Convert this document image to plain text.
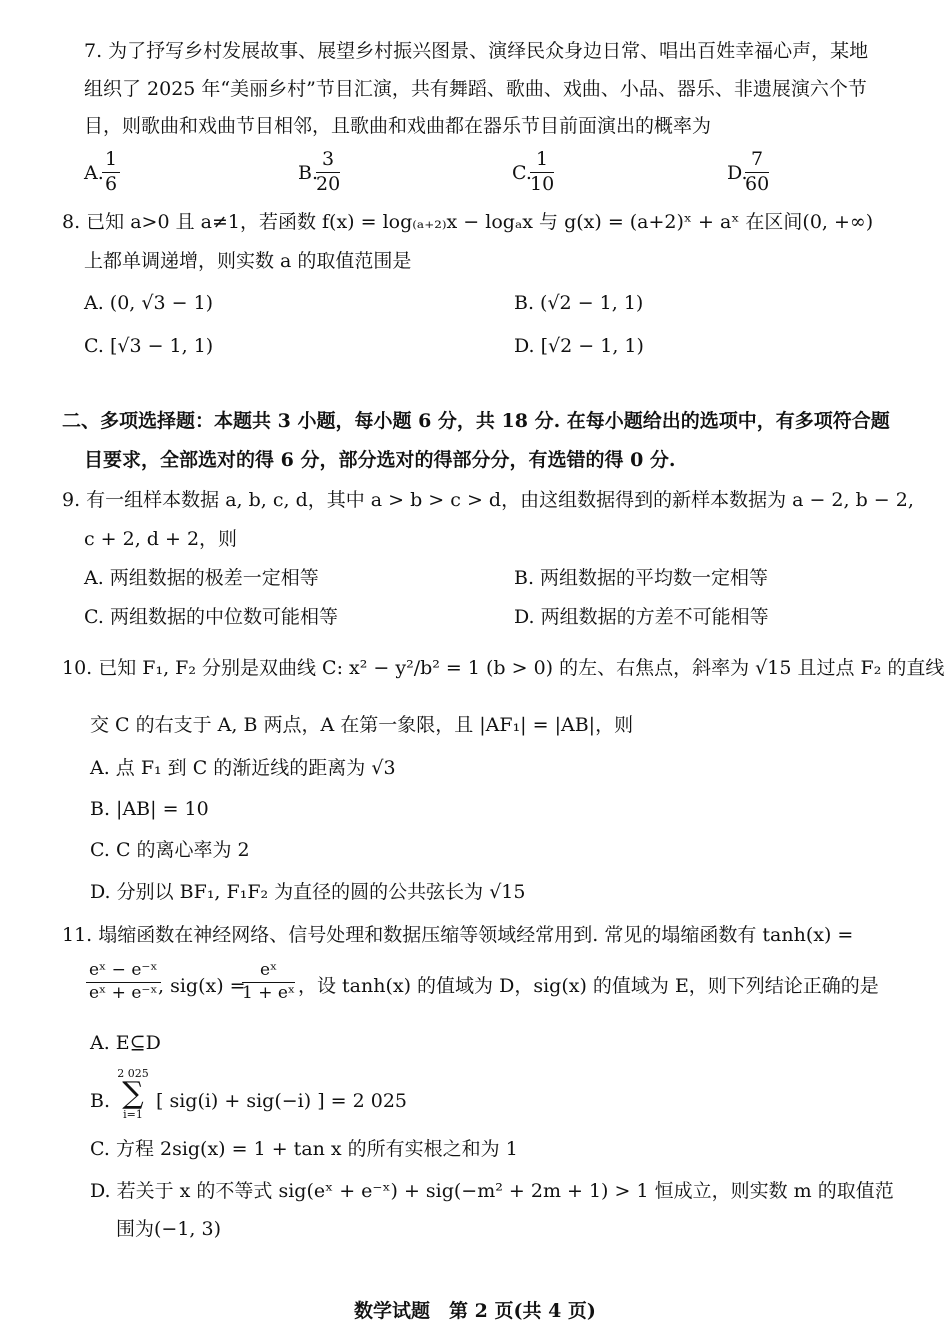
7. 为了抒写乡村发展故事、展望乡村振兴图景、演绎民众身边日常、唱出百姓幸福心声，某地
组织了 2025 年“美丽乡村”节目汇演，共有舞蹈、歌曲、戏曲、小品、器乐、非遗展演六个节
目，则歌曲和戏曲节目相邻，且歌曲和戏曲都在器乐节目前面演出的概率为
A.
$\frac{1}{6}$	B.
$\frac{3}{20}$	C.
$\frac{1}{10}$	D.
$\frac{7}{60}$
8. 已知 a>0 且 a≠1，若函数 f(x) = log₍ₐ₊₂₎x − logₐx 与 g(x) = (a+2)ˣ + aˣ 在区间(0, +∞)
上都单调递增，则实数 a 的取值范围是
A. (0, √3 − 1)	B. (√2 − 1, 1)
C. [√3 − 1, 1)	D. [√2 − 1, 1)
二、多项选择题：本题共 3 小题，每小题 6 分，共 18 分. 在每小题给出的选项中，有多项符合题
目要求，全部选对的得 6 分，部分选对的得部分分，有选错的得 0 分.
9. 有一组样本数据 a, b, c, d，其中 a > b > c > d，由这组数据得到的新样本数据为 a − 2, b − 2,
c + 2, d + 2，则
A. 两组数据的极差一定相等	B. 两组数据的平均数一定相等
C. 两组数据的中位数可能相等	D. 两组数据的方差不可能相等
10. 已知 F₁, F₂ 分别是双曲线 C: x² − y²/b² = 1 (b > 0) 的左、右焦点，斜率为 √15 且过点 F₂ 的直线
交 C 的右支于 A, B 两点，A 在第一象限，且 |AF₁| = |AB|，则
A. 点 F₁ 到 C 的渐近线的距离为 √3
B. |AB| = 10
C. C 的离心率为 2
D. 分别以 BF₁, F₁F₂ 为直径的圆的公共弦长为 √15
11. 塌缩函数在神经网络、信号处理和数据压缩等领域经常用到. 常见的塌缩函数有 tanh(x) =
$\frac{\text{eˣ − e⁻ˣ}}{\text{eˣ + e⁻ˣ}}$
, sig(x) =
$\frac{\text{eˣ}}{\text{1 + eˣ}}$ ，设 tanh(x) 的值域为 D，sig(x) 的值域为 E，则下列结论正确的是
A. E⊆D
B.
2 025
∑
i=1
[ sig(i) + sig(−i) ] = 2 025
C. 方程 2sig(x) = 1 + tan x 的所有实根之和为 1
D. 若关于 x 的不等式 sig(eˣ + e⁻ˣ) + sig(−m² + 2m + 1) > 1 恒成立，则实数 m 的取值范
围为(−1, 3)
数学试题　第 2 页(共 4 页)
